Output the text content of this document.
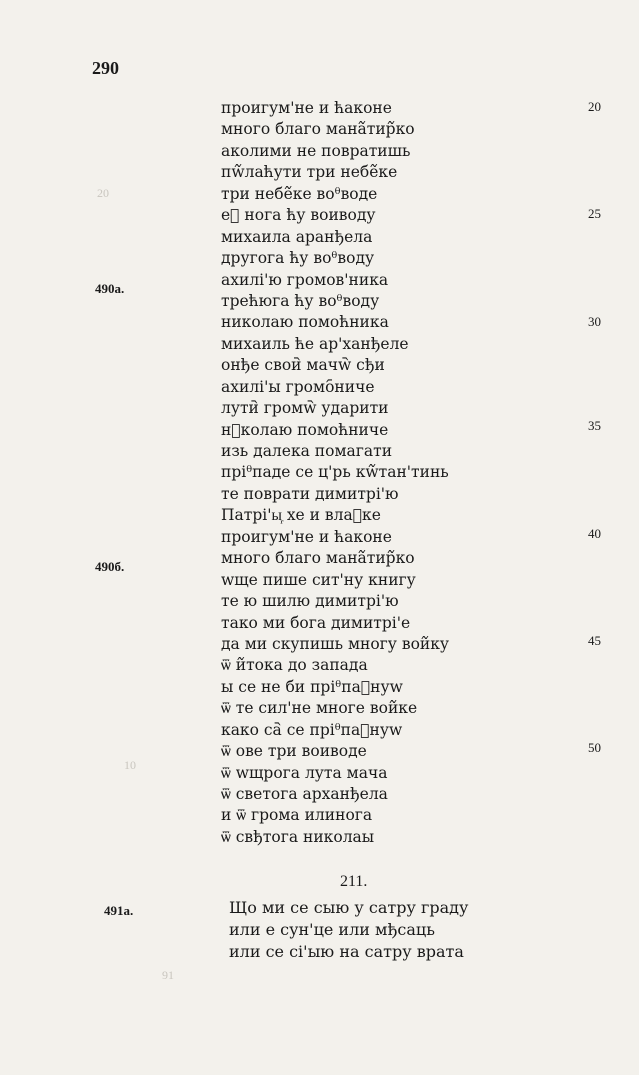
290
20
10
91
проигум'не и ћаконе
много благо мана᷉тир᷉ко
аколими не повратишь
пw᷉лаћути три небе᷉ке
три небе᷉ке воᶿводе
еᷞ нога ћу воиводу
михаила аранђела
другога ћу воᶿводу
ахилі'ю громов'ника
трећюга ћу воᶿводу
николаю помоћника
михаиль ће ар'ханђеле
онђе свои᷆ мачw᷆ сђи
ахилі'ы громо᷇ниче
лути᷆ громw᷆ ударити
н᷐колаю помоћниче
изь далека помагати
пріᶿпаде се ц'рь кw᷉тан'тинь
те поврати димитрі'ю
Патрі'ы᷊ хе и влаᷟке
проигум'не и ћаконе
много благо мана᷉тир᷉ко
wще пише сит'ну книгу
те ю шилю димитрі'ю
тако ми бога димитрі'е
да ми скупишь многу вои᷉ку
ѿ и᷉тока до запада
ы се не би пріᶿпаᷞнуw
ѿ те сил'не многе вои᷉ке
како са᷆ се пріᶿпаᷞнуw
ѿ ове три воиводе
ѿ wщрога лута мача
ѿ светога арханђела
и ѿ грома илинога
ѿ свђтога николаы
20
25
30
35
40
45
50
490а.
490б.
211.
491а.	Що ми се сыю у сатру граду
или е сун'це или мђсаць
или се сі'ыю на сатру врата
